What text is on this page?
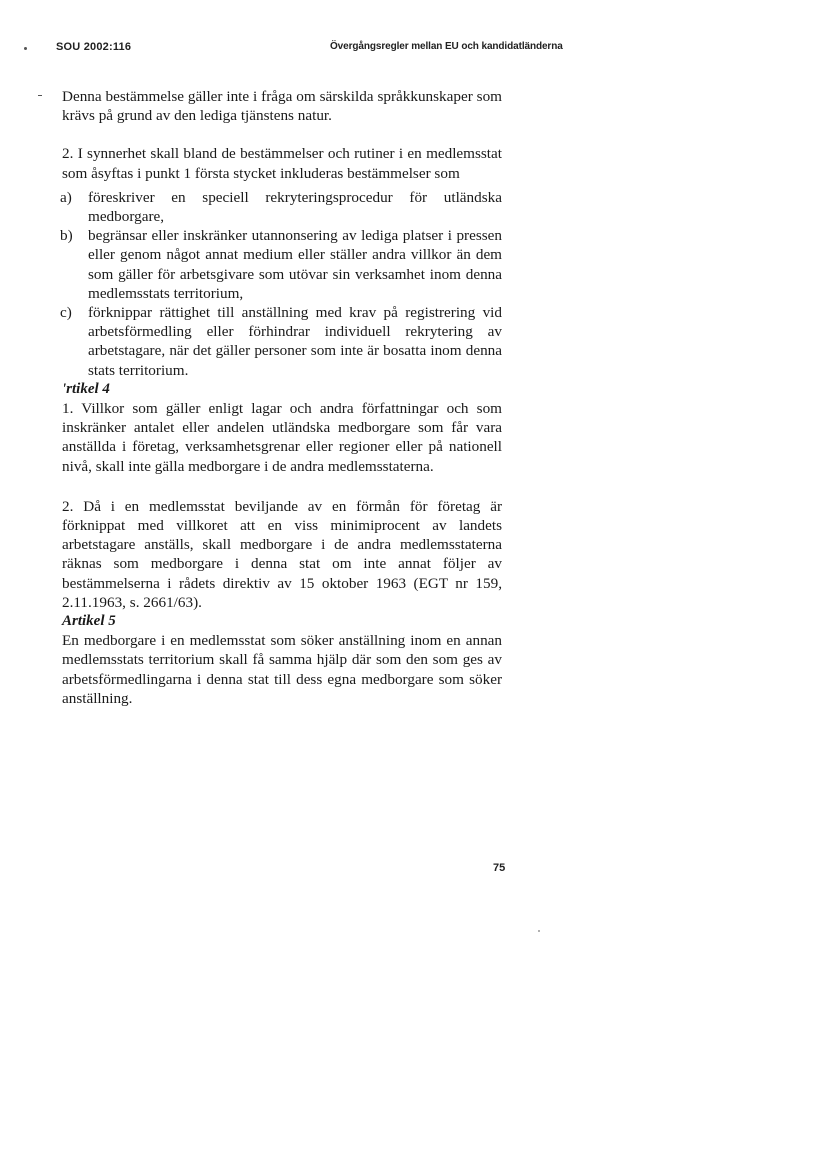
SOU 2002:116	Övergångsregler mellan EU och kandidatländerna

Denna bestämmelse gäller inte i fråga om särskilda språkkunskaper som krävs på grund av den lediga tjänstens natur.

2. I synnerhet skall bland de bestämmelser och rutiner i en medlemsstat som åsyftas i punkt 1 första stycket inkluderas bestämmelser som

a) föreskriver en speciell rekryteringsprocedur för utländska medborgare,
b) begränsar eller inskränker utannonsering av lediga platser i pressen eller genom något annat medium eller ställer andra villkor än dem som gäller för arbetsgivare som utövar sin verksamhet inom denna medlemsstats territorium,
c) förknippar rättighet till anställning med krav på registrering vid arbetsförmedling eller förhindrar individuell rekrytering av arbetstagare, när det gäller personer som inte är bosatta inom denna stats territorium.

'rtikel 4

1. Villkor som gäller enligt lagar och andra författningar och som inskränker antalet eller andelen utländska medborgare som får vara anställda i företag, verksamhetsgrenar eller regioner eller på nationell nivå, skall inte gälla medborgare i de andra medlemsstaterna.

2. Då i en medlemsstat beviljande av en förmån för företag är förknippat med villkoret att en viss minimiprocent av landets arbetstagare anställs, skall medborgare i de andra medlemsstaterna räknas som medborgare i denna stat om inte annat följer av bestämmelserna i rådets direktiv av 15 oktober 1963 (EGT nr 159, 2.11.1963, s. 2661/63).

Artikel 5

En medborgare i en medlemsstat som söker anställning inom en annan medlemsstats territorium skall få samma hjälp där som den som ges av arbetsförmedlingarna i denna stat till dess egna medborgare som söker anställning.

75
